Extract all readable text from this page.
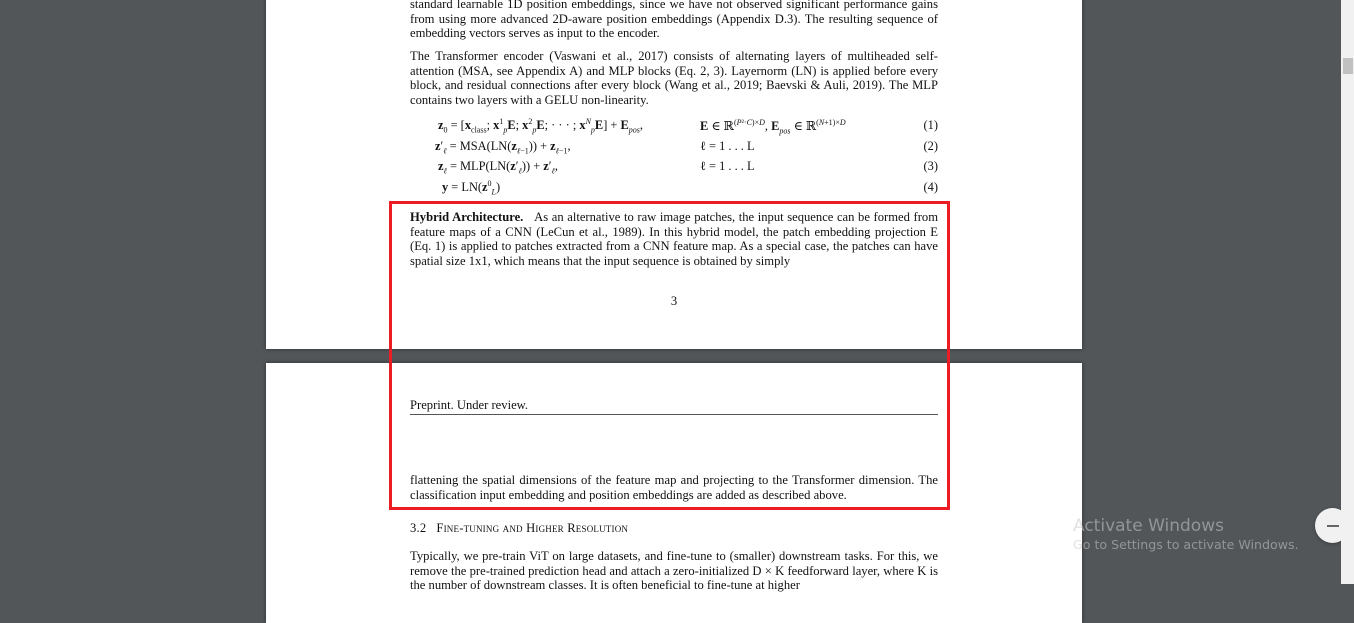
standard learnable 1D position embeddings, since we have not observed significant performance gains from using more advanced 2D-aware position embeddings (Appendix D.3). The resulting sequence of embedding vectors serves as input to the encoder.

The Transformer encoder (Vaswani et al., 2017) consists of alternating layers of multiheaded self-attention (MSA, see Appendix A) and MLP blocks (Eq. 2, 3). Layernorm (LN) is applied before every block, and residual connections after every block (Wang et al., 2019; Baevski & Auli, 2019). The MLP contains two layers with a GELU non-linearity.

$z_0 = [x_{class}$; $x^1_pE$; $x^2_pE$; · · · ; $x^N_pE] + E_{pos}$,	E ∈ ℝ$^{(P^2\cdot C)\times D}$, $E_{pos}$ ∈ ℝ$^{(N+1)\times D}$	(1)
$z'_\ell = MSA(LN(z_{\ell-1})) + z_{\ell-1}$,	ℓ = 1 . . . L	(2)
$z_\ell = MLP(LN(z'_\ell)) + z'_\ell$,	ℓ = 1 . . . L	(3)
$y = LN(z^0_L)$	(4)

Hybrid Architecture. As an alternative to raw image patches, the input sequence can be formed from feature maps of a CNN (LeCun et al., 1989). In this hybrid model, the patch embedding projection E (Eq. 1) is applied to patches extracted from a CNN feature map. As a special case, the patches can have spatial size 1x1, which means that the input sequence is obtained by simply

3
Preprint. Under review.

flattening the spatial dimensions of the feature map and projecting to the Transformer dimension. The classification input embedding and position embeddings are added as described above.

3.2 Fine-tuning and Higher Resolution

Typically, we pre-train ViT on large datasets, and fine-tune to (smaller) downstream tasks. For this, we remove the pre-trained prediction head and attach a zero-initialized D × K feedforward layer, where K is the number of downstream classes. It is often beneficial to fine-tune at higher

Activate Windows
Go to Settings to activate Windows.
